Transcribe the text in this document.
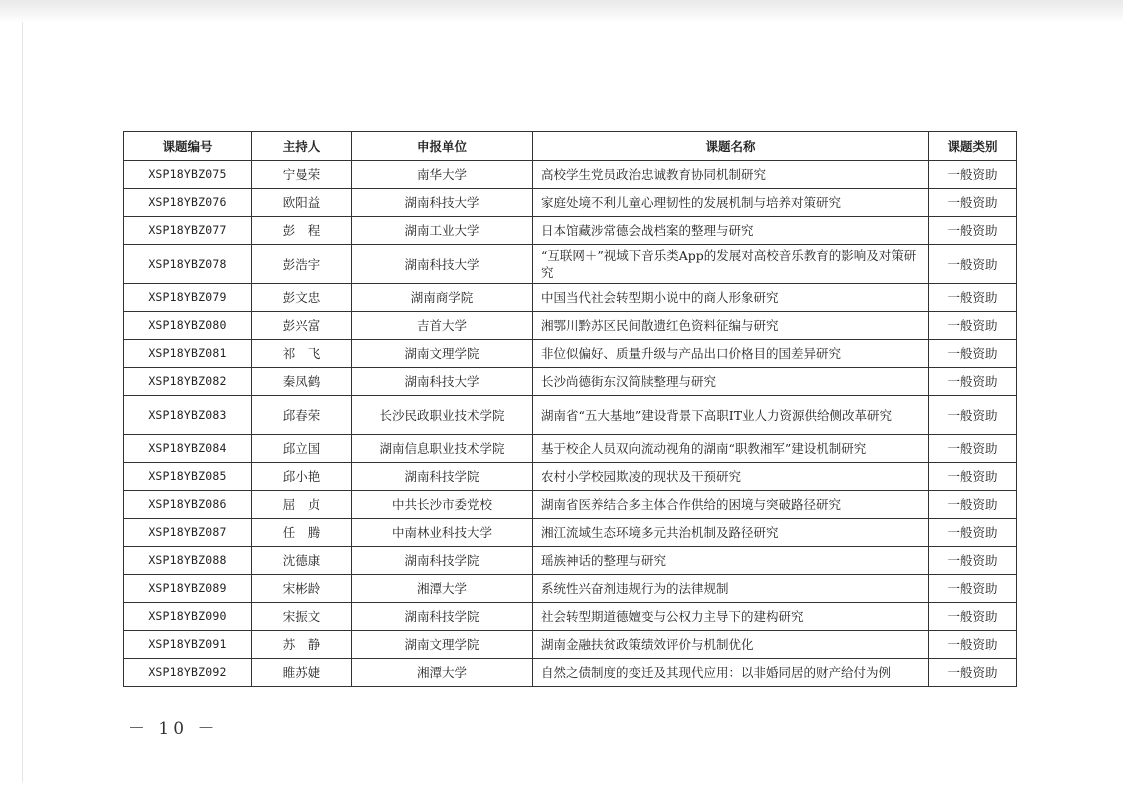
课题编号	主持人	申报单位	课题名称	课题类别
XSP18YBZ075	宁曼荣	南华大学	高校学生党员政治忠诚教育协同机制研究	一般资助
XSP18YBZ076	欧阳益	湖南科技大学	家庭处境不利儿童心理韧性的发展机制与培养对策研究	一般资助
XSP18YBZ077	彭　程	湖南工业大学	日本馆藏涉常德会战档案的整理与研究	一般资助
XSP18YBZ078	彭浩宇	湖南科技大学	“互联网＋”视域下音乐类App的发展对高校音乐教育的影响及对策研究	一般资助
XSP18YBZ079	彭文忠	湖南商学院	中国当代社会转型期小说中的商人形象研究	一般资助
XSP18YBZ080	彭兴富	吉首大学	湘鄂川黔苏区民间散遗红色资料征编与研究	一般资助
XSP18YBZ081	祁　飞	湖南文理学院	非位似偏好、质量升级与产品出口价格目的国差异研究	一般资助
XSP18YBZ082	秦凤鹤	湖南科技大学	长沙尚德街东汉简牍整理与研究	一般资助
XSP18YBZ083	邱春荣	长沙民政职业技术学院	湖南省“五大基地”建设背景下高职IT业人力资源供给侧改革研究	一般资助
XSP18YBZ084	邱立国	湖南信息职业技术学院	基于校企人员双向流动视角的湖南“职教湘军”建设机制研究	一般资助
XSP18YBZ085	邱小艳	湖南科技学院	农村小学校园欺凌的现状及干预研究	一般资助
XSP18YBZ086	屈　贞	中共长沙市委党校	湖南省医养结合多主体合作供给的困境与突破路径研究	一般资助
XSP18YBZ087	任　腾	中南林业科技大学	湘江流域生态环境多元共治机制及路径研究	一般资助
XSP18YBZ088	沈德康	湖南科技学院	瑶族神话的整理与研究	一般资助
XSP18YBZ089	宋彬龄	湘潭大学	系统性兴奋剂违规行为的法律规制	一般资助
XSP18YBZ090	宋振文	湖南科技学院	社会转型期道德嬗变与公权力主导下的建构研究	一般资助
XSP18YBZ091	苏　静	湖南文理学院	湖南金融扶贫政策绩效评价与机制优化	一般资助
XSP18YBZ092	睢苏婕	湘潭大学	自然之债制度的变迁及其现代应用：以非婚同居的财产给付为例	一般资助
－ 10 －
